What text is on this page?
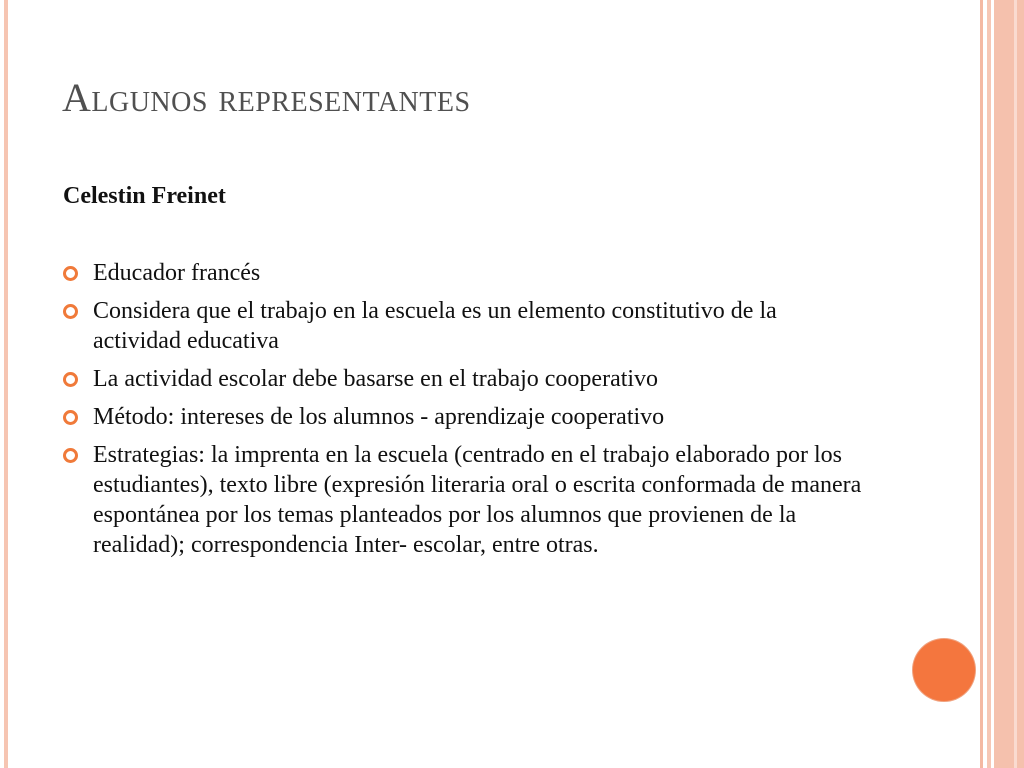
Algunos representantes

Celestin Freinet

Educador francés
Considera que el trabajo en la escuela es un elemento constitutivo de la actividad educativa
La actividad escolar debe basarse en el trabajo cooperativo
Método: intereses de los alumnos - aprendizaje cooperativo
Estrategias: la imprenta en la escuela (centrado en el trabajo elaborado por los estudiantes), texto libre (expresión literaria oral o escrita conformada de manera espontánea por los temas planteados por los alumnos que provienen de la realidad); correspondencia Inter- escolar, entre otras.
